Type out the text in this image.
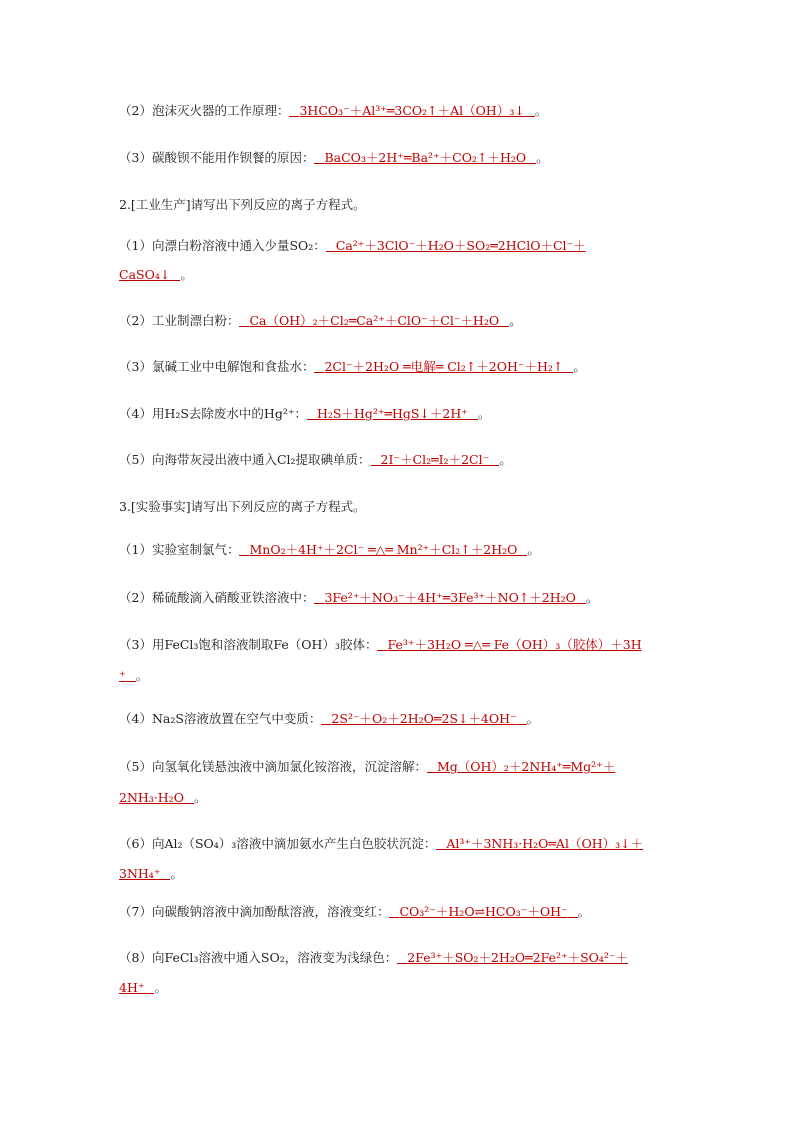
（2）泡沫灭火器的工作原理： 3HCO₃⁻＋Al³⁺═3CO₂↑＋Al（OH）₃↓ 。
（3）碳酸钡不能用作钡餐的原因： BaCO₃＋2H⁺═Ba²⁺＋CO₂↑＋H₂O 。
2.[工业生产]请写出下列反应的离子方程式。
（1）向漂白粉溶液中通入少量SO₂： Ca²⁺＋3ClO⁻＋H₂O＋SO₂═2HClO＋Cl⁻＋
CaSO₄↓ 。
（2）工业制漂白粉： Ca（OH）₂＋Cl₂═Ca²⁺＋ClO⁻＋Cl⁻＋H₂O 。
（3）氯碱工业中电解饱和食盐水： 2Cl⁻＋2H₂O ═电解═ Cl₂↑＋2OH⁻＋H₂↑ 。
（4）用H₂S去除废水中的Hg²⁺： H₂S＋Hg²⁺═HgS↓＋2H⁺ 。
（5）向海带灰浸出液中通入Cl₂提取碘单质： 2I⁻＋Cl₂═I₂＋2Cl⁻ 。
3.[实验事实]请写出下列反应的离子方程式。
（1）实验室制氯气： MnO₂＋4H⁺＋2Cl⁻ ═△═ Mn²⁺＋Cl₂↑＋2H₂O 。
（2）稀硫酸滴入硝酸亚铁溶液中： 3Fe²⁺＋NO₃⁻＋4H⁺═3Fe³⁺＋NO↑＋2H₂O 。
（3）用FeCl₃饱和溶液制取Fe（OH）₃胶体： Fe³⁺＋3H₂O ═△═ Fe（OH）₃（胶体）＋3H
⁺ 。
（4）Na₂S溶液放置在空气中变质： 2S²⁻＋O₂＋2H₂O═2S↓＋4OH⁻ 。
（5）向氢氧化镁悬浊液中滴加氯化铵溶液，沉淀溶解： Mg（OH）₂＋2NH₄⁺═Mg²⁺＋
2NH₃·H₂O 。
（6）向Al₂（SO₄）₃溶液中滴加氨水产生白色胶状沉淀： Al³⁺＋3NH₃·H₂O═Al（OH）₃↓＋
3NH₄⁺ 。
（7）向碳酸钠溶液中滴加酚酞溶液，溶液变红： CO₃²⁻＋H₂O⇌HCO₃⁻＋OH⁻ 。
（8）向FeCl₃溶液中通入SO₂，溶液变为浅绿色： 2Fe³⁺＋SO₂＋2H₂O═2Fe²⁺＋SO₄²⁻＋
4H⁺ 。
